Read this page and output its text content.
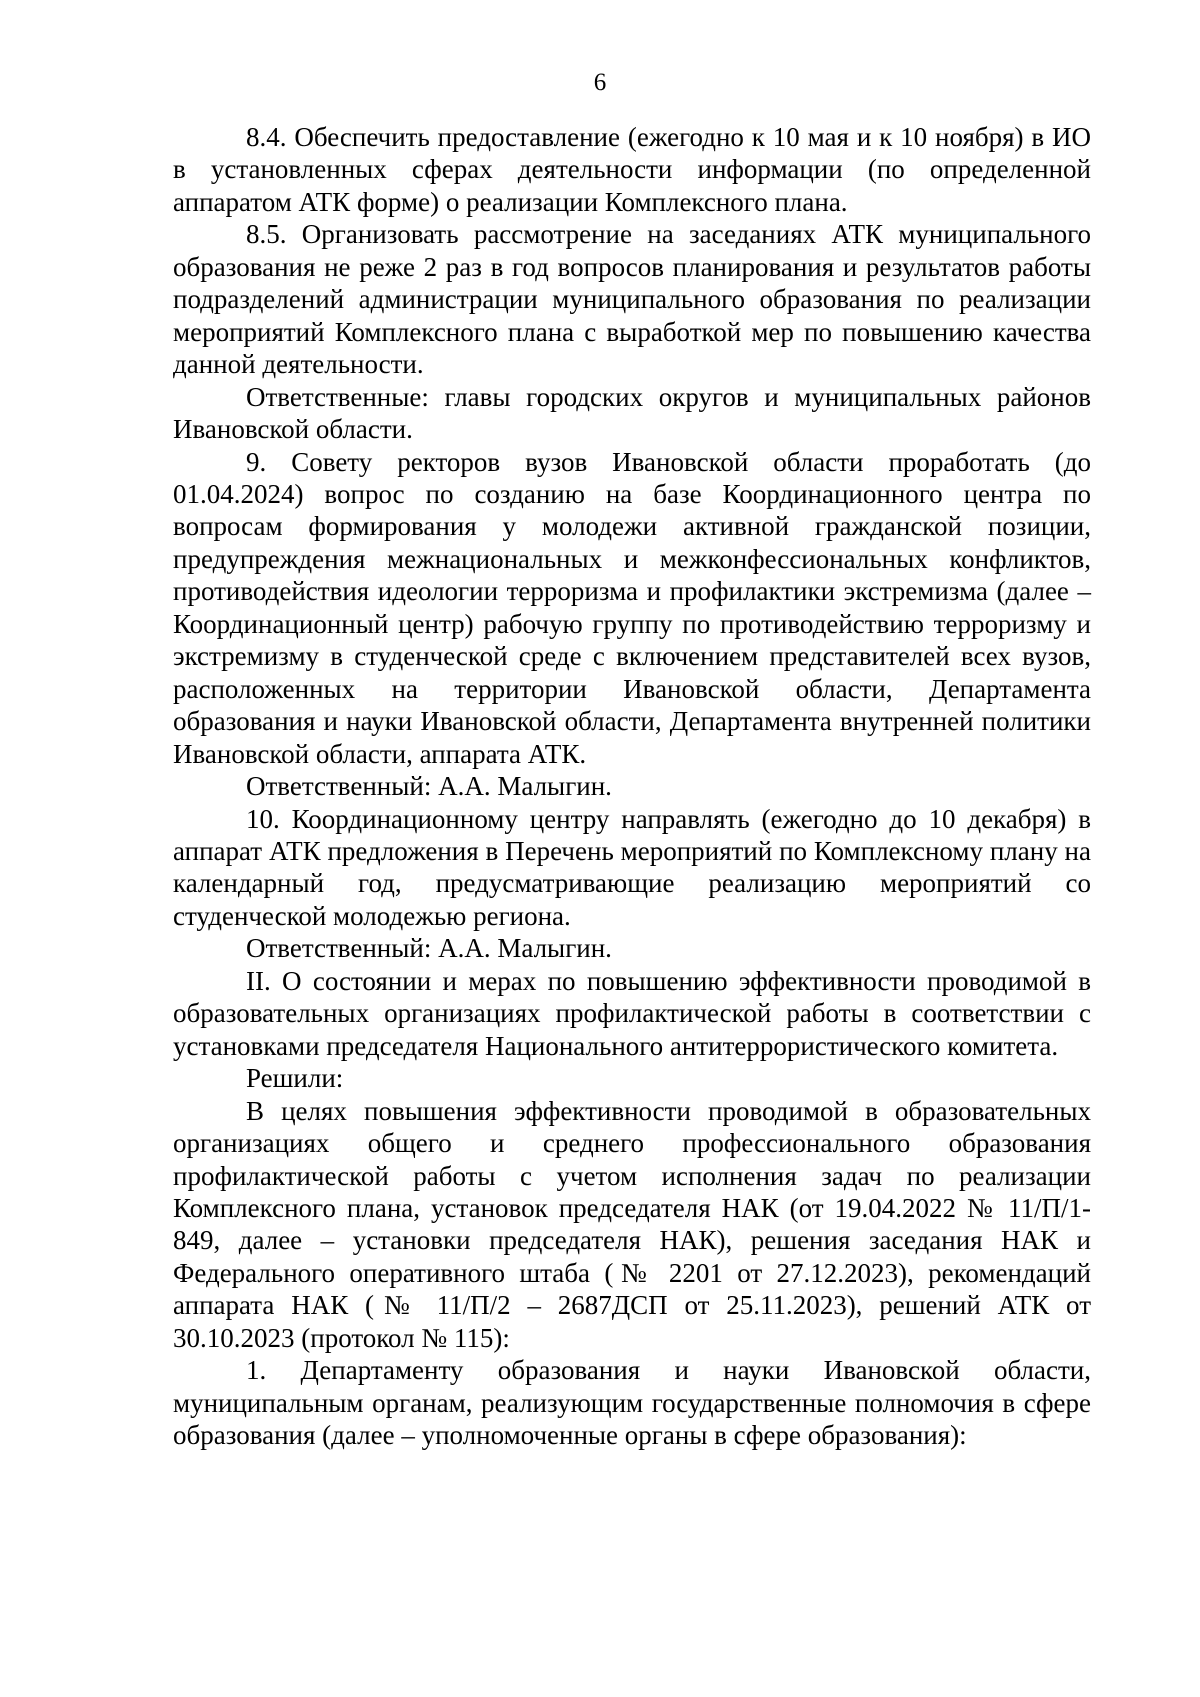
6

8.4. Обеспечить предоставление (ежегодно к 10 мая и к 10 ноября) в ИО в установленных сферах деятельности информации (по определенной аппаратом АТК форме) о реализации Комплексного плана.

8.5. Организовать рассмотрение на заседаниях АТК муниципального образования не реже 2 раз в год вопросов планирования и результатов работы подразделений администрации муниципального образования по реализации мероприятий Комплексного плана с выработкой мер по повышению качества данной деятельности.

Ответственные: главы городских округов и муниципальных районов Ивановской области.

9. Совету ректоров вузов Ивановской области проработать (до 01.04.2024) вопрос по созданию на базе Координационного центра по вопросам формирования у молодежи активной гражданской позиции, предупреждения межнациональных и межконфессиональных конфликтов, противодействия идеологии терроризма и профилактики экстремизма (далее – Координационный центр) рабочую группу по противодействию терроризму и экстремизму в студенческой среде с включением представителей всех вузов, расположенных на территории Ивановской области, Департамента образования и науки Ивановской области, Департамента внутренней политики Ивановской области, аппарата АТК.

Ответственный: А.А. Малыгин.

10. Координационному центру направлять (ежегодно до 10 декабря) в аппарат АТК предложения в Перечень мероприятий по Комплексному плану на календарный год, предусматривающие реализацию мероприятий со студенческой молодежью региона.

Ответственный: А.А. Малыгин.

II. О состоянии и мерах по повышению эффективности проводимой в образовательных организациях профилактической работы в соответствии с установками председателя Национального антитеррористического комитета.

Решили:

В целях повышения эффективности проводимой в образовательных организациях общего и среднего профессионального образования профилактической работы с учетом исполнения задач по реализации Комплексного плана, установок председателя НАК (от 19.04.2022 № 11/П/1-849, далее – установки председателя НАК), решения заседания НАК и Федерального оперативного штаба (№ 2201 от 27.12.2023), рекомендаций аппарата НАК (№ 11/П/2 – 2687ДСП от 25.11.2023), решений АТК от 30.10.2023 (протокол № 115):

1. Департаменту образования и науки Ивановской области, муниципальным органам, реализующим государственные полномочия в сфере образования (далее – уполномоченные органы в сфере образования):
